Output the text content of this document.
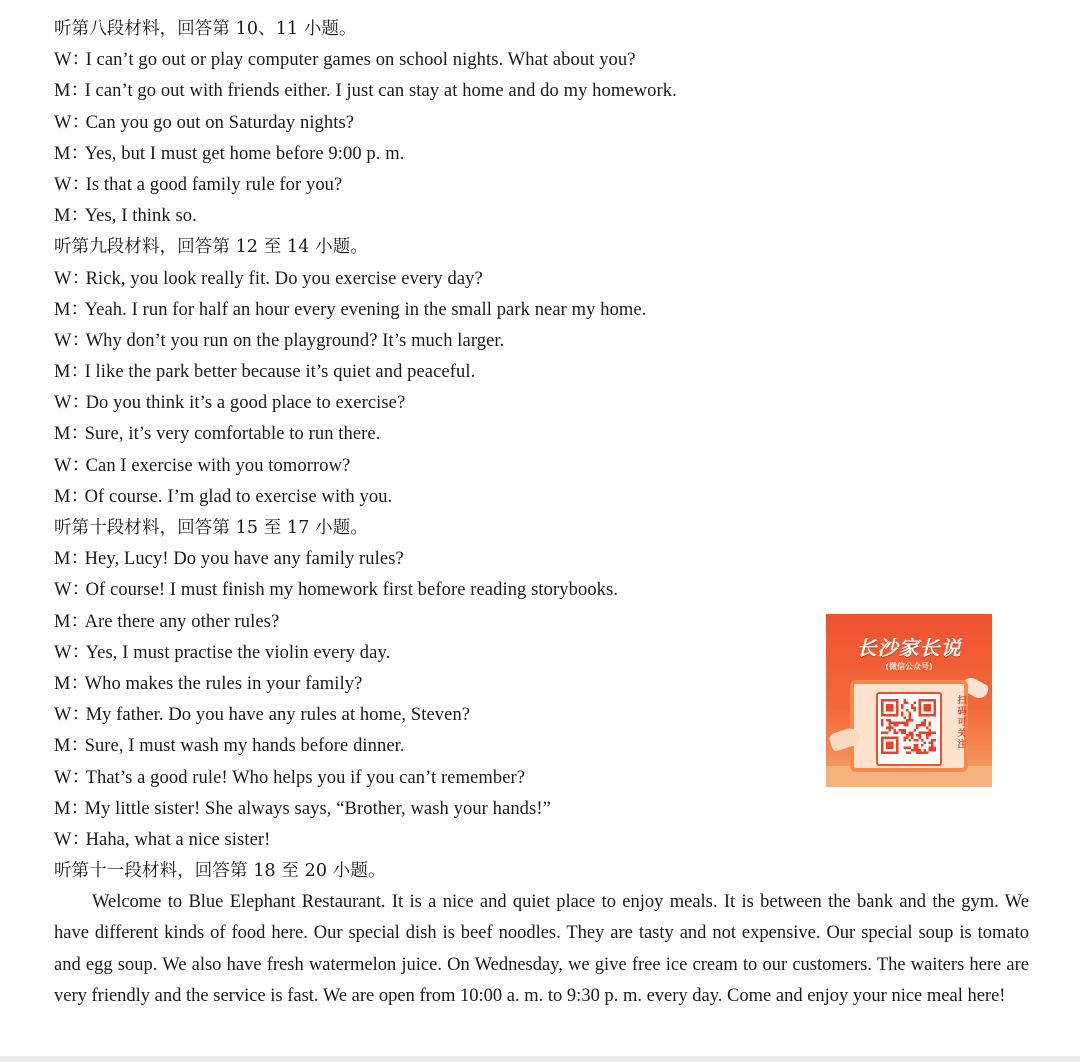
听第八段材料，回答第 10、11 小题。
W：I can’t go out or play computer games on school nights. What about you?
M：I can’t go out with friends either. I just can stay at home and do my homework.
W：Can you go out on Saturday nights?
M：Yes, but I must get home before 9:00 p. m.
W：Is that a good family rule for you?
M：Yes, I think so.
听第九段材料，回答第 12 至 14 小题。
W：Rick, you look really fit. Do you exercise every day?
M：Yeah. I run for half an hour every evening in the small park near my home.
W：Why don’t you run on the playground? It’s much larger.
M：I like the park better because it’s quiet and peaceful.
W：Do you think it’s a good place to exercise?
M：Sure, it’s very comfortable to run there.
W：Can I exercise with you tomorrow?
M：Of course. I’m glad to exercise with you.
听第十段材料，回答第 15 至 17 小题。
M：Hey, Lucy! Do you have any family rules?
W：Of course! I must finish my homework first before reading storybooks.
M：Are there any other rules?
W：Yes, I must practise the violin every day.
M：Who makes the rules in your family?
W：My father. Do you have any rules at home, Steven?
M：Sure, I must wash my hands before dinner.
W：That’s a good rule! Who helps you if you can’t remember?
M：My little sister! She always says, “Brother, wash your hands!”
W：Haha, what a nice sister!
听第十一段材料，回答第 18 至 20 小题。

Welcome to Blue Elephant Restaurant. It is a nice and quiet place to enjoy meals. It is between the bank and the gym. We have different kinds of food here. Our special dish is beef noodles. They are tasty and not expensive. Our special soup is tomato and egg soup. We also have fresh watermelon juice. On Wednesday, we give free ice cream to our customers. The waiters here are very friendly and the service is fast. We are open from 10:00 a. m. to 9:30 p. m. every day. Come and enjoy your nice meal here!

长沙家长说
(微信公众号)
扫
码
可
关
注
